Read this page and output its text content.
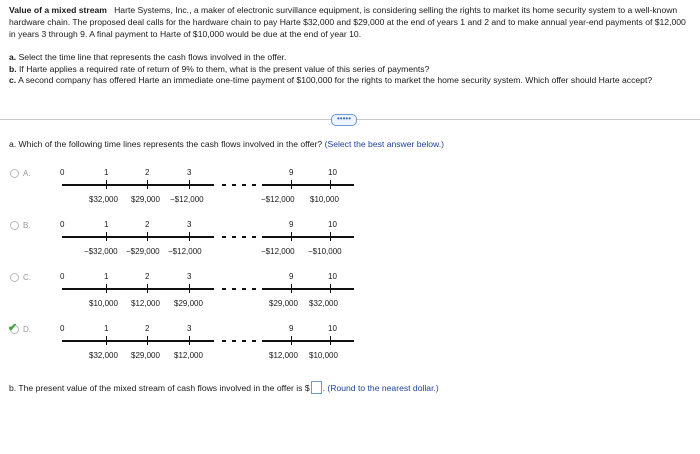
Value of a mixed stream Harte Systems, Inc., a maker of electronic survillance equipment, is considering selling the rights to market its home security system to a well-known hardware chain. The proposed deal calls for the hardware chain to pay Harte $32,000 and $29,000 at the end of years 1 and 2 and to make annual year-end payments of $12,000 in years 3 through 9. A final payment to Harte of $10,000 would be due at the end of year 10.
a. Select the time line that represents the cash flows involved in the offer.
b. If Harte applies a required rate of return of 9% to them, what is the present value of this series of payments?
c. A second company has offered Harte an immediate one-time payment of $100,000 for the rights to market the home security system. Which offer should Harte accept?
•••••
a. Which of the following time lines represents the cash flows involved in the offer? (Select the best answer below.)
A.	0	1	2	3	9	10
$32,000 $29,000 −$12,000	−$12,000 $10,000
B.	0	1	2	3	9	10
−$32,000 −$29,000 −$12,000	−$12,000 −$10,000
C.	0	1	2	3	9	10
$10,000 $12,000 $29,000	$29,000 $32,000
✔ D.	0	1	2	3	9	10
$32,000 $29,000 $12,000	$12,000 $10,000
b. The present value of the mixed stream of cash flows involved in the offer is $ . (Round to the nearest dollar.)
